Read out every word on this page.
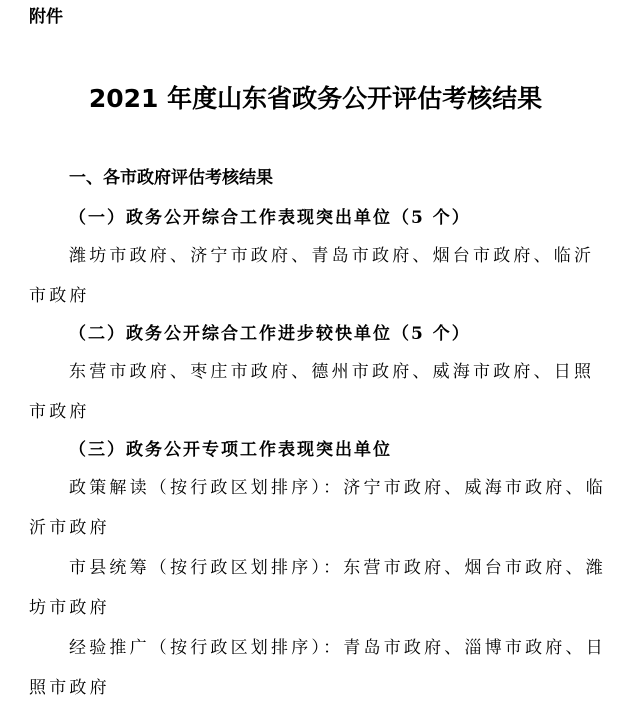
附件
2021 年度山东省政务公开评估考核结果
一、各市政府评估考核结果
（一）政务公开综合工作表现突出单位（5 个）
潍坊市政府、济宁市政府、青岛市政府、烟台市政府、临沂市政府
（二）政务公开综合工作进步较快单位（5 个）
东营市政府、枣庄市政府、德州市政府、威海市政府、日照市政府
（三）政务公开专项工作表现突出单位
政策解读（按行政区划排序）：济宁市政府、威海市政府、临沂市政府
市县统筹（按行政区划排序）：东营市政府、烟台市政府、潍坊市政府
经验推广（按行政区划排序）：青岛市政府、淄博市政府、日照市政府
